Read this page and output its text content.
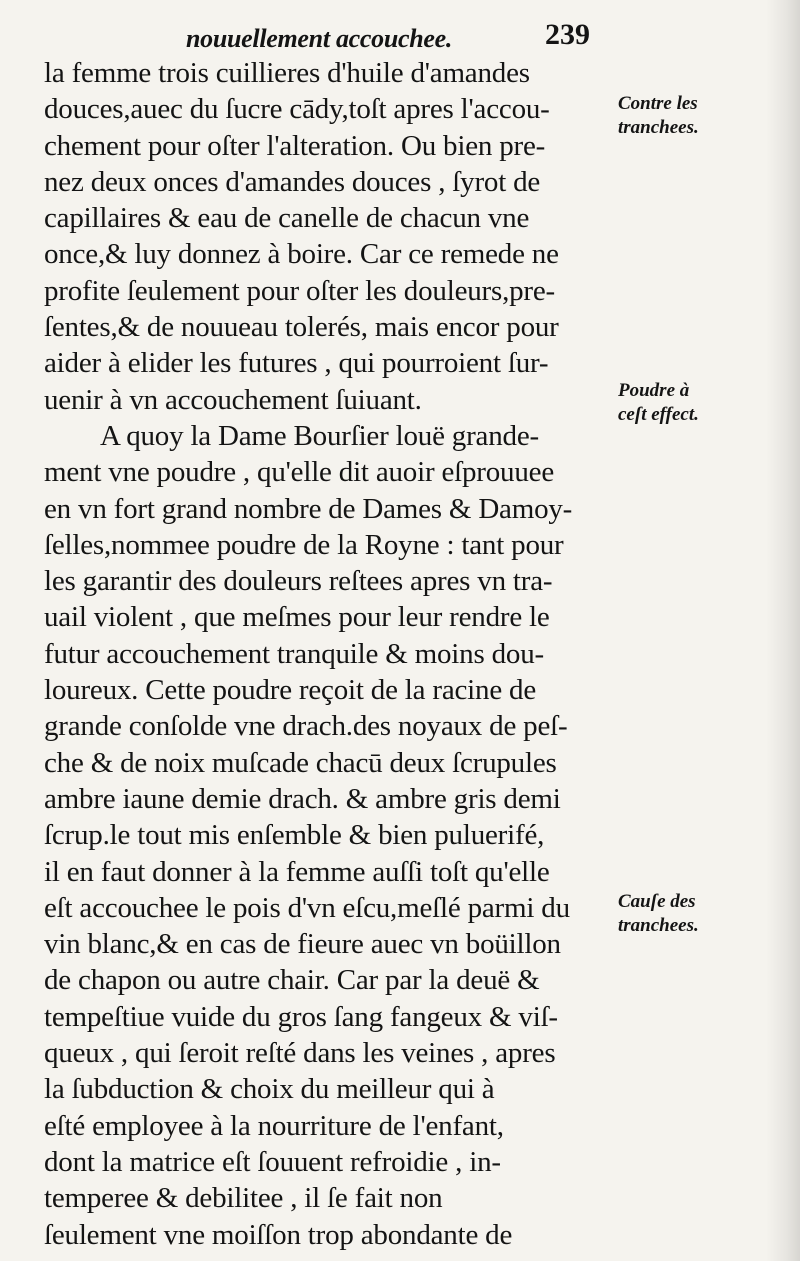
nouuellement accouchee.	239
la femme trois cuillieres d'huile d'amandes
douces,auec du ſucre cādy,toſt apres l'accou-
chement pour oſter l'alteration. Ou bien pre-
nez deux onces d'amandes douces , ſyrot de
capillaires & eau de canelle de chacun vne
once,& luy donnez à boire. Car ce remede ne
profite ſeulement pour oſter les douleurs,pre-
ſentes,& de nouueau tolerés, mais encor pour
aider à elider les futures , qui pourroient ſur-
uenir à vn accouchement ſuiuant.
A quoy la Dame Bourſier louë grande-
ment vne poudre , qu'elle dit auoir eſprouuee
en vn fort grand nombre de Dames & Damoy-
ſelles,nommee poudre de la Royne : tant pour
les garantir des douleurs reſtees apres vn tra-
uail violent , que meſmes pour leur rendre le
futur accouchement tranquile & moins dou-
loureux. Cette poudre reçoit de la racine de
grande conſolde vne drach.des noyaux de peſ-
che & de noix muſcade chacū deux ſcrupules
ambre iaune demie drach. & ambre gris demi
ſcrup.le tout mis enſemble & bien puluerifé,
il en faut donner à la femme auſſi toſt qu'elle
eſt accouchee le pois d'vn eſcu,meſlé parmi du
vin blanc,& en cas de fieure auec vn boüillon
de chapon ou autre chair. Car par la deuë &
tempeſtiue vuide du gros ſang fangeux & viſ-
queux , qui ſeroit reſté dans les veines , apres
la ſubduction & choix du meilleur qui à
eſté employee à la nourriture de l'enfant,
dont la matrice eſt ſouuent refroidie , in-
temperee & debilitee , il ſe fait non
ſeulement vne moiſſon trop abondante de
Contre les
tranchees.
Poudre à
ceſt effect.
Cauſe des
tranchees.
